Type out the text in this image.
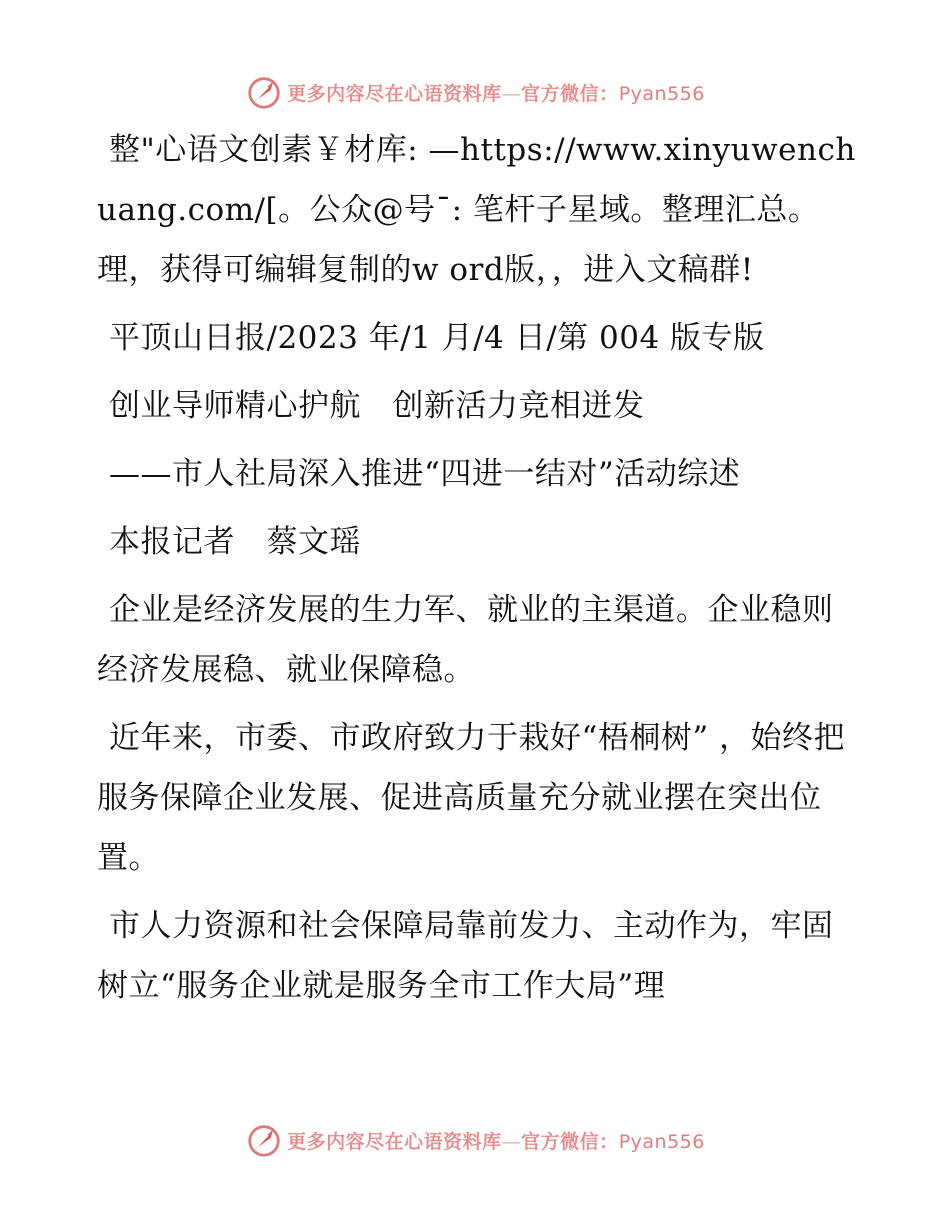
更多内容尽在心语资料库—官方微信：Pyan556

整"心语文创素￥材库: —https://www.xinyuwenchuang.com/[。公众@号¯: 笔杆子星域。整理汇总。理，获得可编辑复制的w ord版，，进入文稿群!

平顶山日报/2023 年/1 月/4 日/第 004 版专版

创业导师精心护航　创新活力竞相迸发

——市人社局深入推进“四进一结对”活动综述

本报记者　蔡文瑶

企业是经济发展的生力军、就业的主渠道。企业稳则经济发展稳、就业保障稳。

近年来，市委、市政府致力于栽好“梧桐树” ，始终把服务保障企业发展、促进高质量充分就业摆在突出位置。

市人力资源和社会保障局靠前发力、主动作为，牢固树立“服务企业就是服务全市工作大局”理

更多内容尽在心语资料库—官方微信：Pyan556
